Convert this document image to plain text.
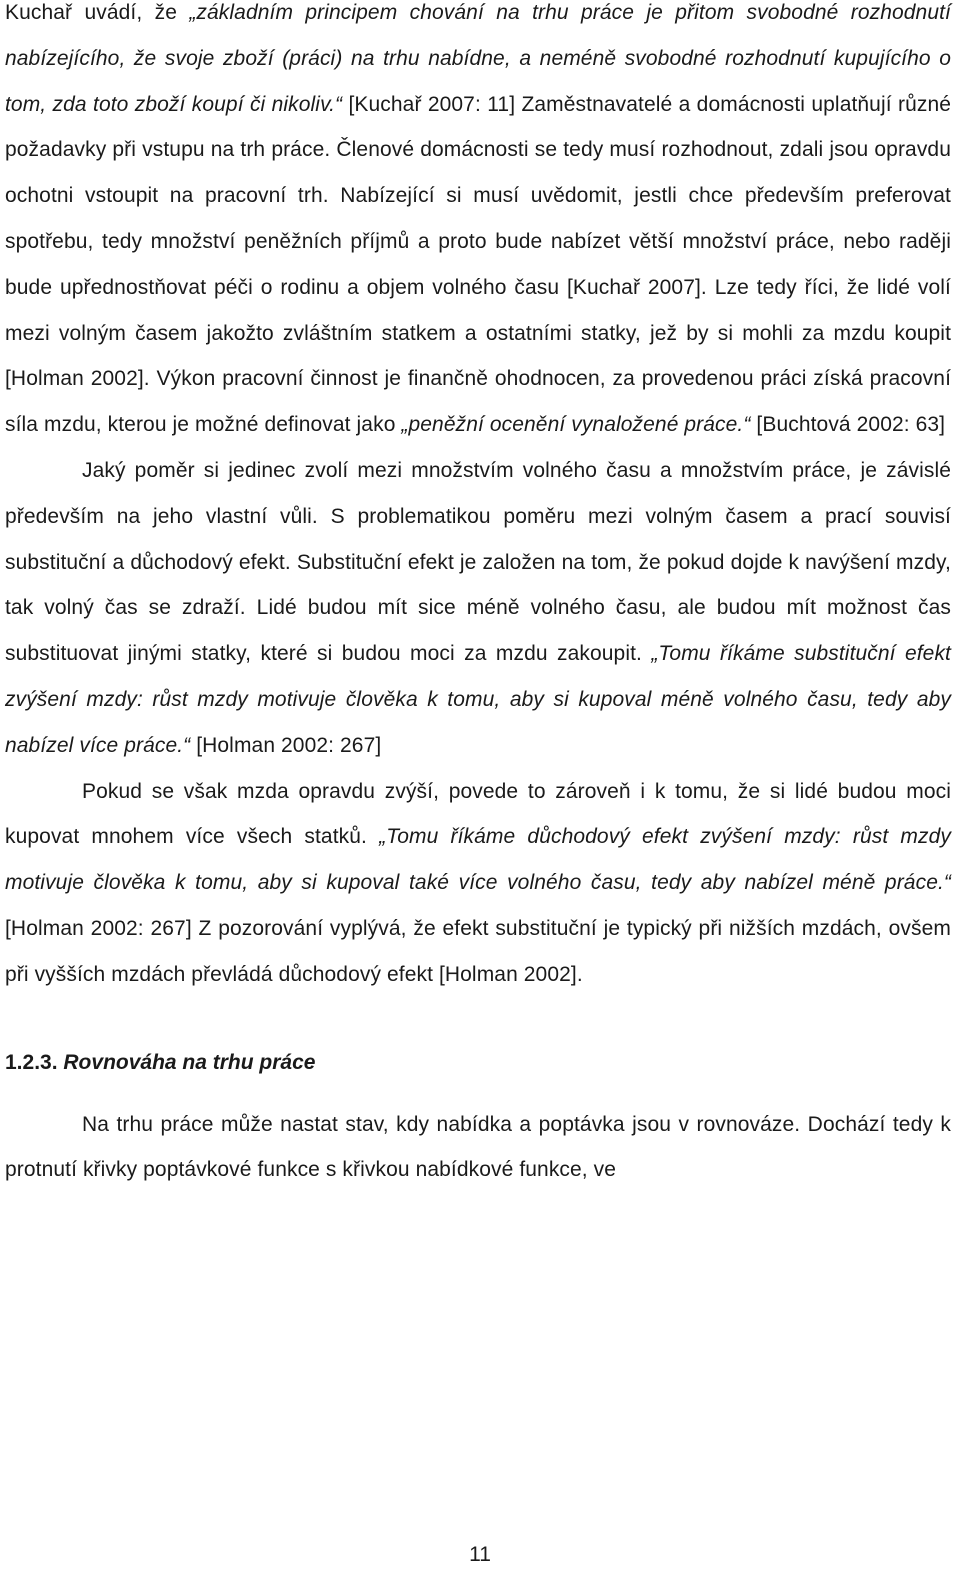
Kuchař uvádí, že „základním principem chování na trhu práce je přitom svobodné rozhodnutí nabízejícího, že svoje zboží (práci) na trhu nabídne, a neméně svobodné rozhodnutí kupujícího o tom, zda toto zboží koupí či nikoliv.“ [Kuchař 2007: 11] Zaměstnavatelé a domácnosti uplatňují různé požadavky při vstupu na trh práce. Členové domácnosti se tedy musí rozhodnout, zdali jsou opravdu ochotni vstoupit na pracovní trh. Nabízející si musí uvědomit, jestli chce především preferovat spotřebu, tedy množství peněžních příjmů a proto bude nabízet větší množství práce, nebo raději bude upřednostňovat péči o rodinu a objem volného času [Kuchař 2007]. Lze tedy říci, že lidé volí mezi volným časem jakožto zvláštním statkem a ostatními statky, jež by si mohli za mzdu koupit [Holman 2002]. Výkon pracovní činnost je finančně ohodnocen, za provedenou práci získá pracovní síla mzdu, kterou je možné definovat jako „peněžní ocenění vynaložené práce.“ [Buchtová 2002: 63]

Jaký poměr si jedinec zvolí mezi množstvím volného času a množstvím práce, je závislé především na jeho vlastní vůli. S problematikou poměru mezi volným časem a prací souvisí substituční a důchodový efekt. Substituční efekt je založen na tom, že pokud dojde k navýšení mzdy, tak volný čas se zdraží. Lidé budou mít sice méně volného času, ale budou mít možnost čas substituovat jinými statky, které si budou moci za mzdu zakoupit. „Tomu říkáme substituční efekt zvýšení mzdy: růst mzdy motivuje člověka k tomu, aby si kupoval méně volného času, tedy aby nabízel více práce.“ [Holman 2002: 267]

Pokud se však mzda opravdu zvýší, povede to zároveň i k tomu, že si lidé budou moci kupovat mnohem více všech statků. „Tomu říkáme důchodový efekt zvýšení mzdy: růst mzdy motivuje člověka k tomu, aby si kupoval také více volného času, tedy aby nabízel méně práce.“ [Holman 2002: 267] Z pozorování vyplývá, že efekt substituční je typický při nižších mzdách, ovšem při vyšších mzdách převládá důchodový efekt [Holman 2002].

1.2.3. Rovnováha na trhu práce

Na trhu práce může nastat stav, kdy nabídka a poptávka jsou v rovnováze. Dochází tedy k protnutí křivky poptávkové funkce s křivkou nabídkové funkce, ve

11
